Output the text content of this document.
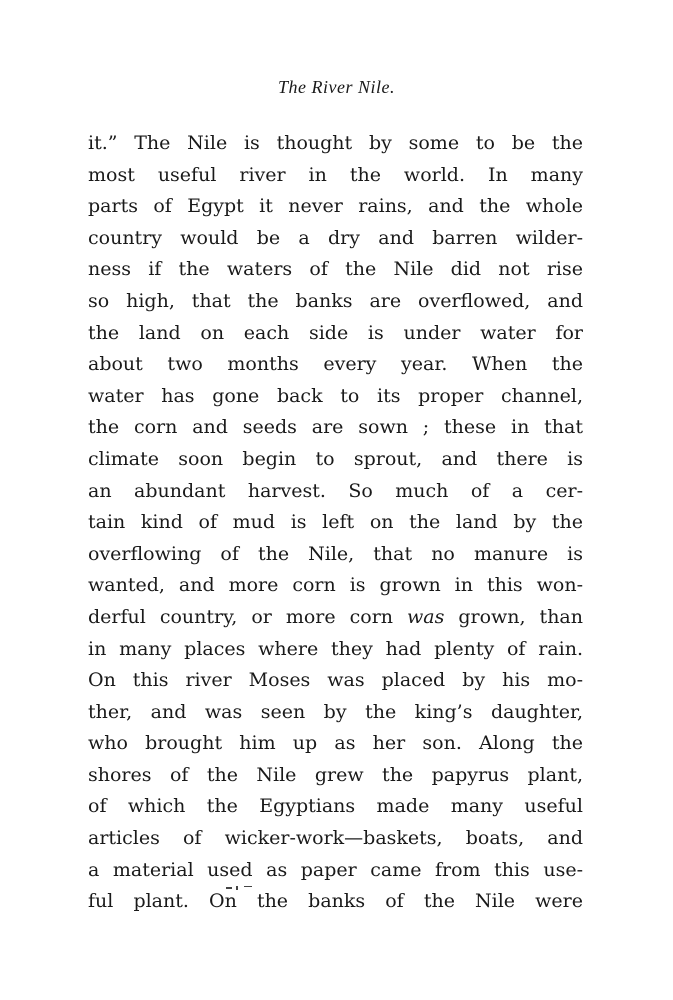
The River Nile.
it.” The Nile is thought by some to be the
most useful river in the world. In many
parts of Egypt it never rains, and the whole
country would be a dry and barren wilder-
ness if the waters of the Nile did not rise
so high, that the banks are overflowed, and
the land on each side is under water for
about two months every year. When the
water has gone back to its proper channel,
the corn and seeds are sown ; these in that
climate soon begin to sprout, and there is
an abundant harvest. So much of a cer-
tain kind of mud is left on the land by the
overflowing of the Nile, that no manure is
wanted, and more corn is grown in this won-
derful country, or more corn was grown, than
in many places where they had plenty of rain.
On this river Moses was placed by his mo-
ther, and was seen by the king’s daughter,
who brought him up as her son. Along the
shores of the Nile grew the papyrus plant,
of which the Egyptians made many useful
articles of wicker-work—baskets, boats, and
a material used as paper came from this use-
ful plant. On the banks of the Nile were
